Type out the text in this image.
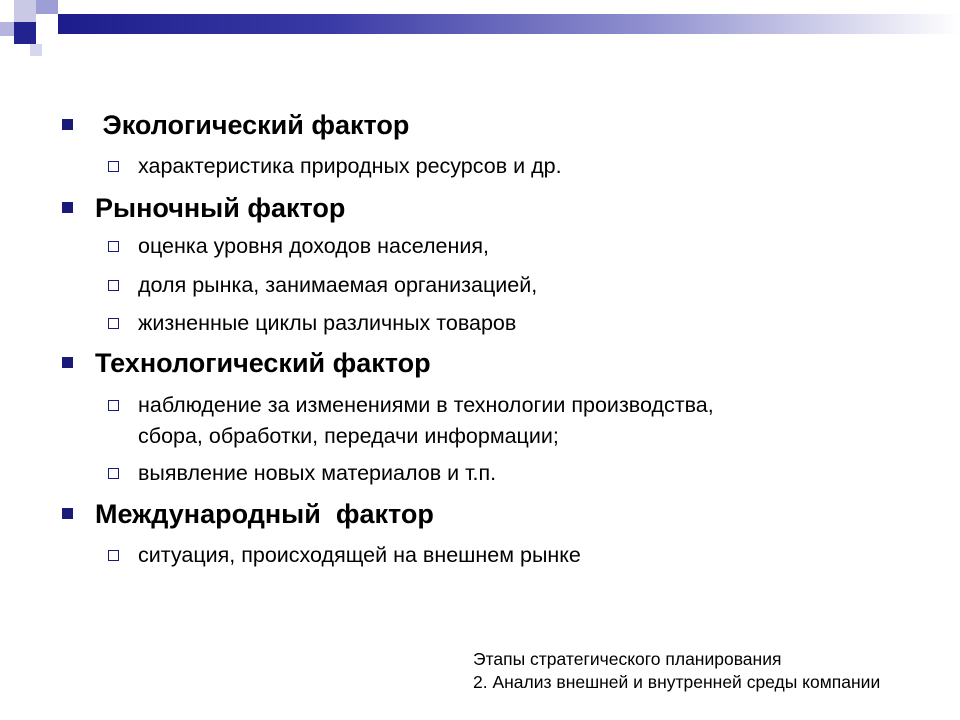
Экологический фактор
характеристика природных ресурсов и др.
Рыночный фактор
оценка уровня доходов населения,
доля рынка, занимаемая организацией,
жизненные циклы различных товаров
Технологический фактор
наблюдение за изменениями в технологии производства,
сбора, обработки, передачи информации;
выявление новых материалов и т.п.
Международный  фактор
ситуация, происходящей на внешнем рынке
Этапы стратегического планирования
2. Анализ внешней и внутренней среды компании
